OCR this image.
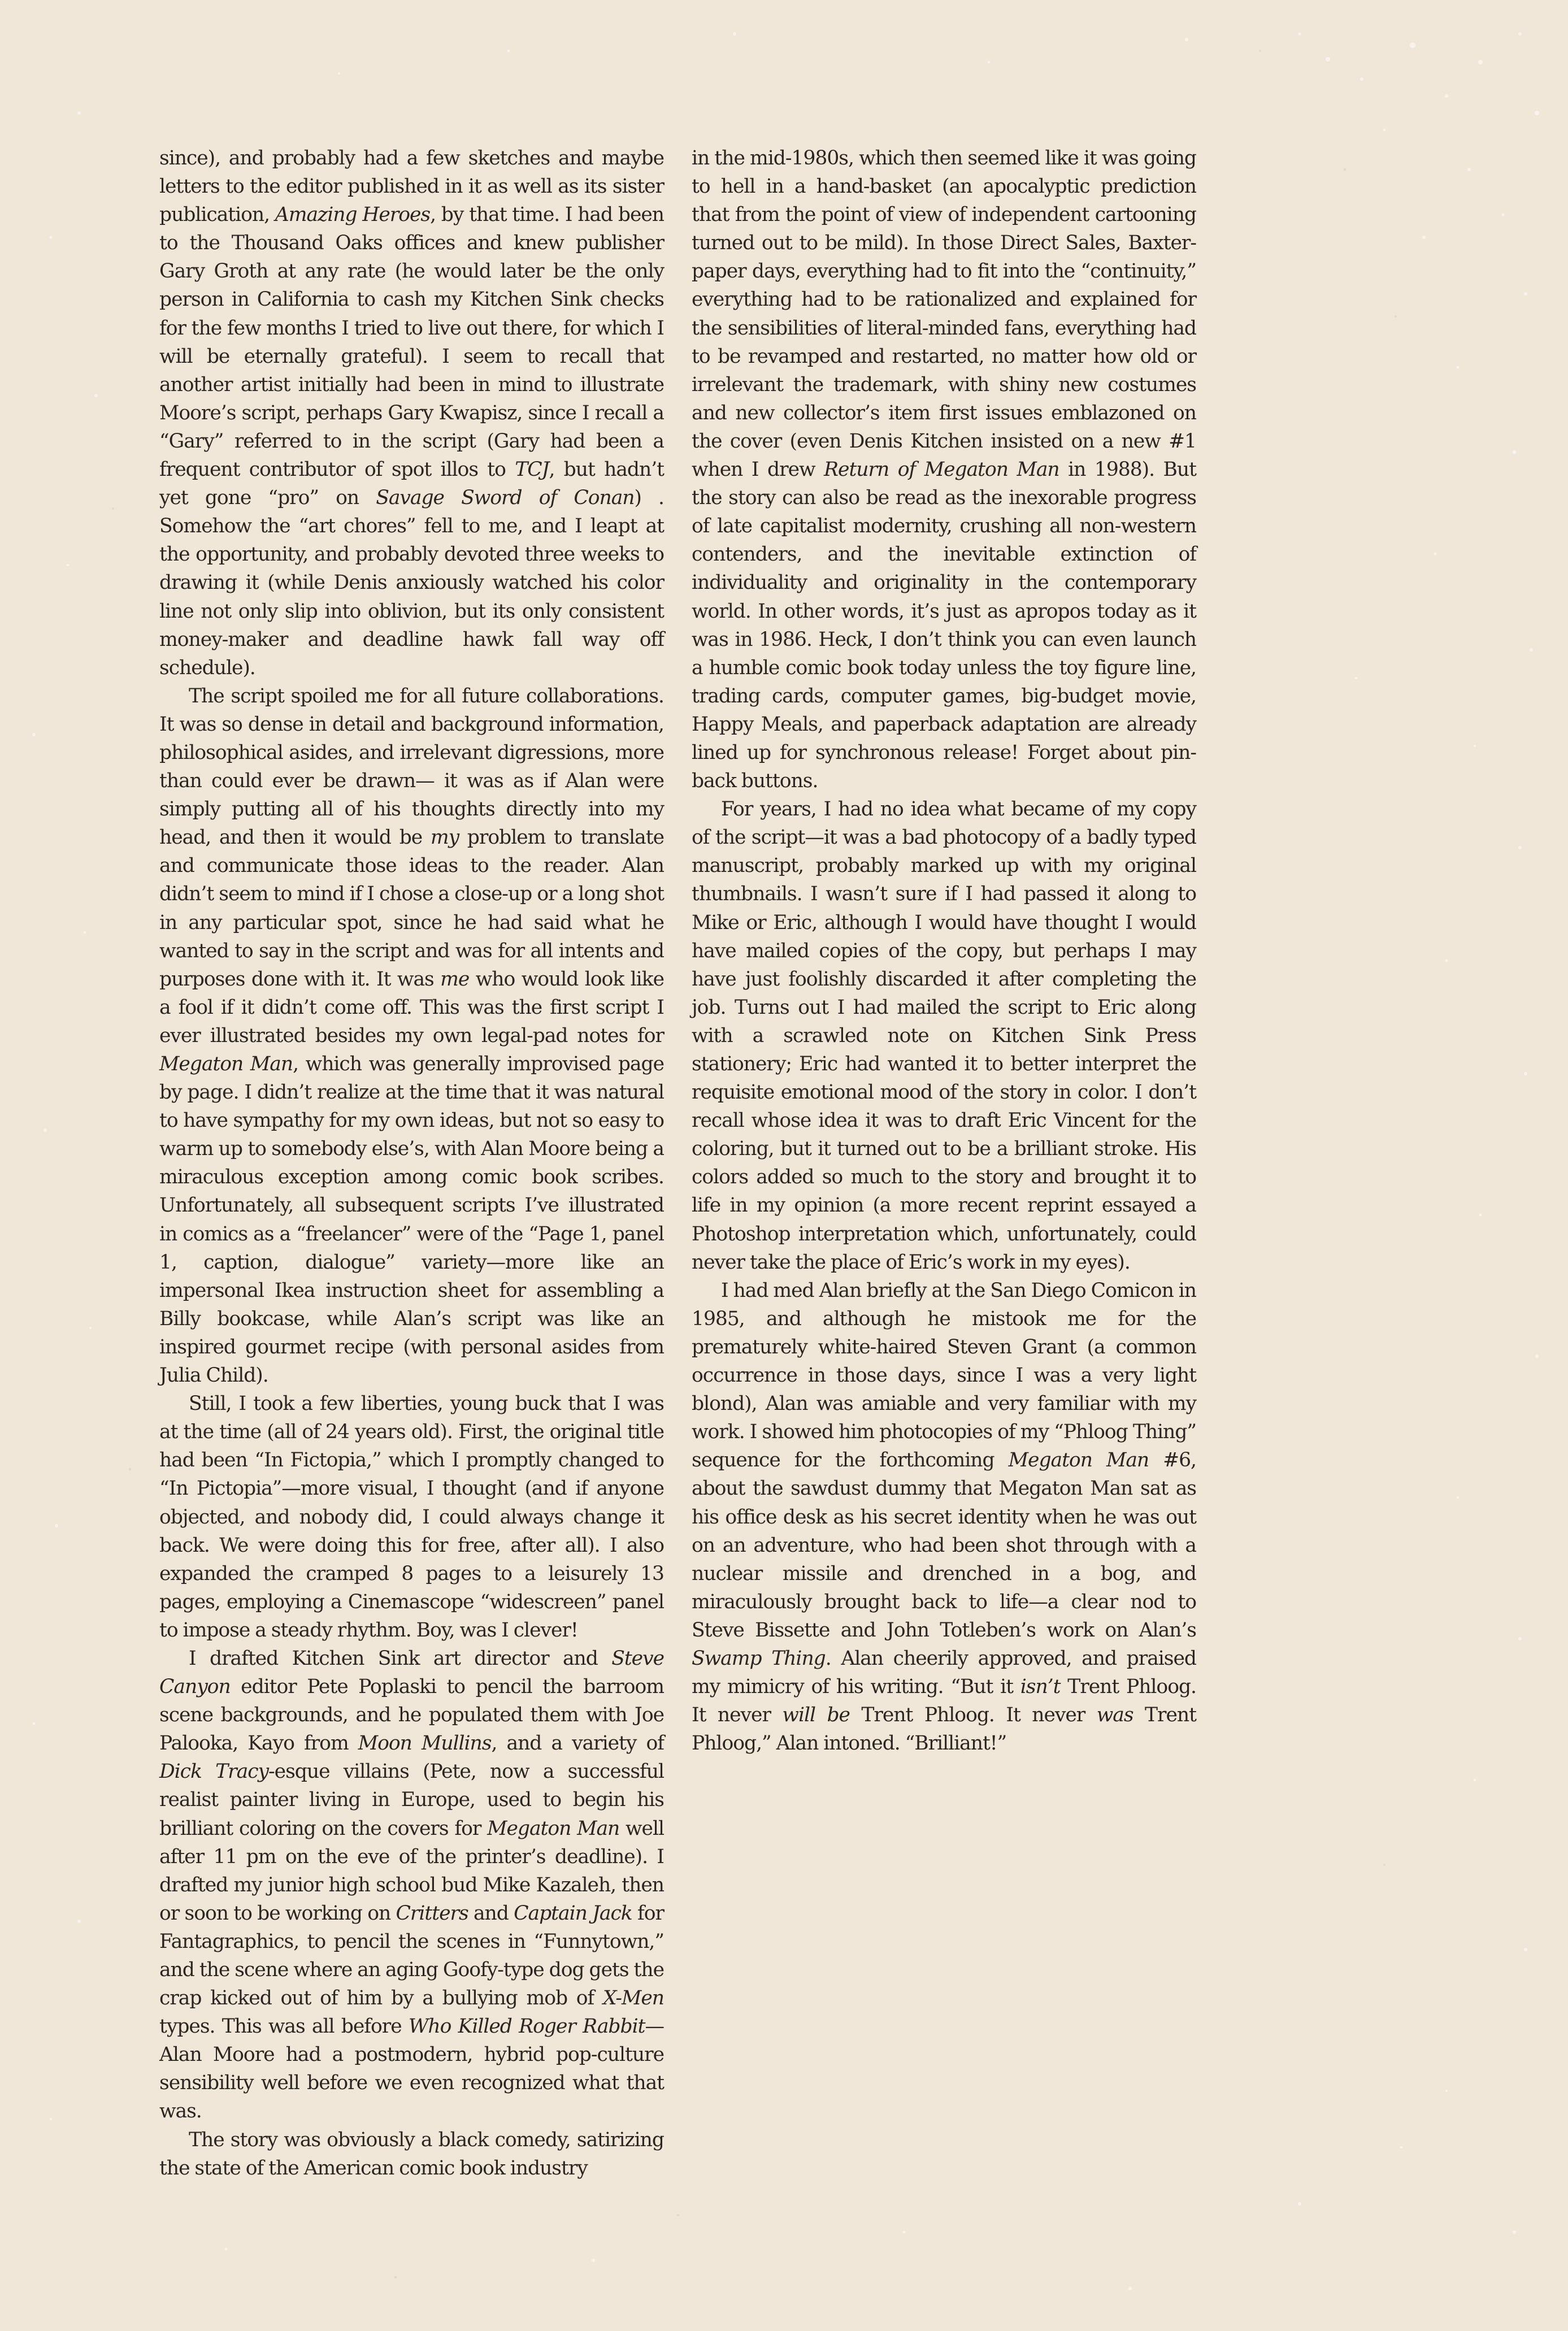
since), and probably had a few sketches and maybe letters to the editor published in it as well as its sister publication, Amazing Heroes, by that time. I had been to the Thousand Oaks offices and knew publisher Gary Groth at any rate (he would later be the only person in California to cash my Kitchen Sink checks for the few months I tried to live out there, for which I will be eternally grateful). I seem to recall that another artist initially had been in mind to illustrate Moore’s script, perhaps Gary Kwapisz, since I recall a “Gary” referred to in the script (Gary had been a frequent contributor of spot illos to TCJ, but hadn’t yet gone “pro” on Savage Sword of Conan) . Somehow the “art chores” fell to me, and I leapt at the opportunity, and probably devoted three weeks to drawing it (while Denis anxiously watched his color line not only slip into oblivion, but its only consistent money-maker and deadline hawk fall way off schedule).

The script spoiled me for all future collaborations. It was so dense in detail and background information, philosophical asides, and irrelevant digressions, more than could ever be drawn— it was as if Alan were simply putting all of his thoughts directly into my head, and then it would be my problem to translate and communicate those ideas to the reader. Alan didn’t seem to mind if I chose a close-up or a long shot in any particular spot, since he had said what he wanted to say in the script and was for all intents and purposes done with it. It was me who would look like a fool if it didn’t come off. This was the first script I ever illustrated besides my own legal-pad notes for Megaton Man, which was generally improvised page by page. I didn’t realize at the time that it was natural to have sympathy for my own ideas, but not so easy to warm up to somebody else’s, with Alan Moore being a miraculous exception among comic book scribes. Unfortunately, all subsequent scripts I’ve illustrated in comics as a “freelancer” were of the “Page 1, panel 1, caption, dialogue” variety—more like an impersonal Ikea instruction sheet for assembling a Billy bookcase, while Alan’s script was like an inspired gourmet recipe (with personal asides from Julia Child).

Still, I took a few liberties, young buck that I was at the time (all of 24 years old). First, the original title had been “In Fictopia,” which I promptly changed to “In Pictopia”—more visual, I thought (and if anyone objected, and nobody did, I could always change it back. We were doing this for free, after all). I also expanded the cramped 8 pages to a leisurely 13 pages, employing a Cinemascope “widescreen” panel to impose a steady rhythm. Boy, was I clever!

I drafted Kitchen Sink art director and Steve Canyon editor Pete Poplaski to pencil the barroom scene backgrounds, and he populated them with Joe Palooka, Kayo from Moon Mullins, and a variety of Dick Tracy-esque villains (Pete, now a successful realist painter living in Europe, used to begin his brilliant coloring on the covers for Megaton Man well after 11 pm on the eve of the printer’s deadline). I drafted my junior high school bud Mike Kazaleh, then or soon to be working on Critters and Captain Jack for Fantagraphics, to pencil the scenes in “Funnytown,” and the scene where an aging Goofy-type dog gets the crap kicked out of him by a bullying mob of X-Men types. This was all before Who Killed Roger Rabbit—Alan Moore had a postmodern, hybrid pop-culture sensibility well before we even recognized what that was.

The story was obviously a black comedy, satirizing the state of the American comic book industry

in the mid-1980s, which then seemed like it was going to hell in a hand-basket (an apocalyptic prediction that from the point of view of independent cartooning turned out to be mild). In those Direct Sales, Baxter-paper days, everything had to fit into the “continuity,” everything had to be rationalized and explained for the sensibilities of literal-minded fans, everything had to be revamped and restarted, no matter how old or irrelevant the trademark, with shiny new costumes and new collector’s item first issues emblazoned on the cover (even Denis Kitchen insisted on a new #1 when I drew Return of Megaton Man in 1988). But the story can also be read as the inexorable progress of late capitalist modernity, crushing all non-western contenders, and the inevitable extinction of individuality and originality in the contemporary world. In other words, it’s just as apropos today as it was in 1986. Heck, I don’t think you can even launch a humble comic book today unless the toy figure line, trading cards, computer games, big-budget movie, Happy Meals, and paperback adaptation are already lined up for synchronous release! Forget about pin-back buttons.

For years, I had no idea what became of my copy of the script—it was a bad photocopy of a badly typed manuscript, probably marked up with my original thumbnails. I wasn’t sure if I had passed it along to Mike or Eric, although I would have thought I would have mailed copies of the copy, but perhaps I may have just foolishly discarded it after completing the job. Turns out I had mailed the script to Eric along with a scrawled note on Kitchen Sink Press stationery; Eric had wanted it to better interpret the requisite emotional mood of the story in color. I don’t recall whose idea it was to draft Eric Vincent for the coloring, but it turned out to be a brilliant stroke. His colors added so much to the story and brought it to life in my opinion (a more recent reprint essayed a Photoshop interpretation which, unfortunately, could never take the place of Eric’s work in my eyes).

I had med Alan briefly at the San Diego Comicon in 1985, and although he mistook me for the prematurely white-haired Steven Grant (a common occurrence in those days, since I was a very light blond), Alan was amiable and very familiar with my work. I showed him photocopies of my “Phloog Thing” sequence for the forthcoming Megaton Man #6, about the sawdust dummy that Megaton Man sat as his office desk as his secret identity when he was out on an adventure, who had been shot through with a nuclear missile and drenched in a bog, and miraculously brought back to life—a clear nod to Steve Bissette and John Totleben’s work on Alan’s Swamp Thing. Alan cheerily approved, and praised my mimicry of his writing. “But it isn’t Trent Phloog. It never will be Trent Phloog. It never was Trent Phloog,” Alan intoned. “Brilliant!”
